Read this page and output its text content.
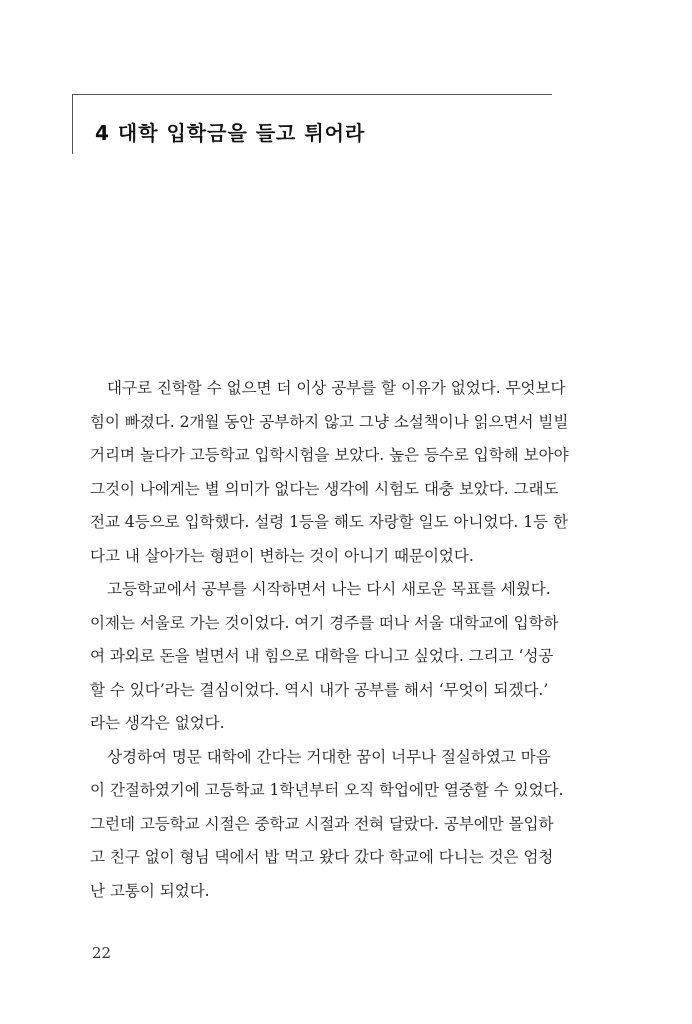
4 대학 입학금을 들고 튀어라
대구로 진학할 수 없으면 더 이상 공부를 할 이유가 없었다. 무엇보다
힘이 빠졌다. 2개월 동안 공부하지 않고 그냥 소설책이나 읽으면서 빌빌
거리며 놀다가 고등학교 입학시험을 보았다. 높은 등수로 입학해 보아야
그것이 나에게는 별 의미가 없다는 생각에 시험도 대충 보았다. 그래도
전교 4등으로 입학했다. 설령 1등을 해도 자랑할 일도 아니었다. 1등 한
다고 내 살아가는 형편이 변하는 것이 아니기 때문이었다.
고등학교에서 공부를 시작하면서 나는 다시 새로운 목표를 세웠다.
이제는 서울로 가는 것이었다. 여기 경주를 떠나 서울 대학교에 입학하
여 과외로 돈을 벌면서 내 힘으로 대학을 다니고 싶었다. 그리고 ‘성공
할 수 있다’라는 결심이었다. 역시 내가 공부를 해서 ‘무엇이 되겠다.’
라는 생각은 없었다.
상경하여 명문 대학에 간다는 거대한 꿈이 너무나 절실하였고 마음
이 간절하였기에 고등학교 1학년부터 오직 학업에만 열중할 수 있었다.
그런데 고등학교 시절은 중학교 시절과 전혀 달랐다. 공부에만 몰입하
고 친구 없이 형님 댁에서 밥 먹고 왔다 갔다 학교에 다니는 것은 엄청
난 고통이 되었다.
22
